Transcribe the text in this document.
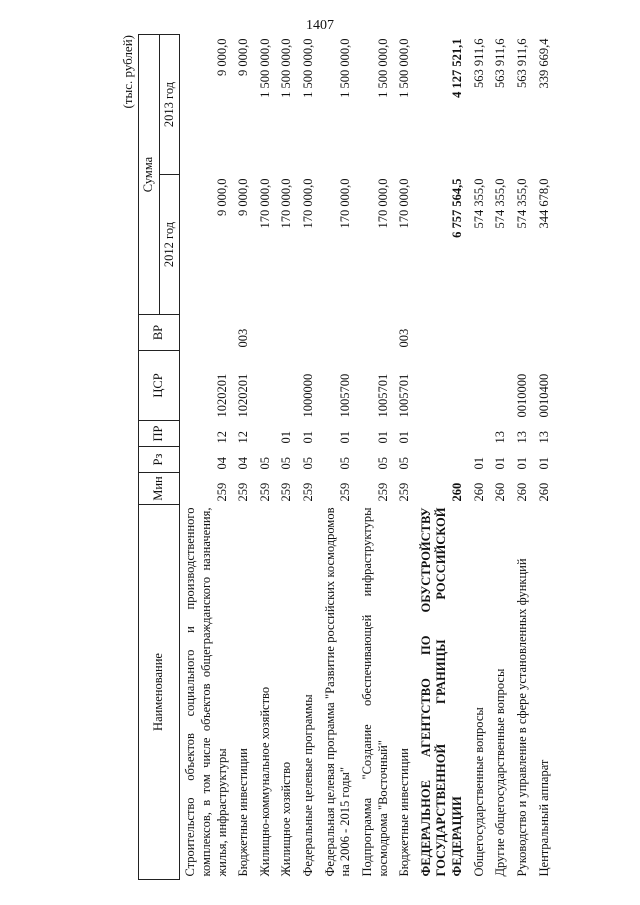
1407
(тыс. рублей)
Наименование	Мин	Рз	ПР	ЦСР	ВР	Сумма	
						2012 год	2013 год
Строительство объектов социального и производственного комплексов, в том числе объектов общегражданского назначения, жилья, инфраструктуры	259	04	12	1020201		9 000,0	9 000,0
Бюджетные инвестиции	259	04	12	1020201	003	9 000,0	9 000,0
Жилищно-коммунальное хозяйство	259	05				170 000,0	1 500 000,0
Жилищное хозяйство	259	05	01			170 000,0	1 500 000,0
Федеральные целевые программы	259	05	01	1000000		170 000,0	1 500 000,0
Федеральная целевая программа "Развитие российских космодромов на 2006 - 2015 годы"	259	05	01	1005700		170 000,0	1 500 000,0
Подпрограмма "Создание обеспечивающей инфраструктуры космодрома "Восточный"	259	05	01	1005701		170 000,0	1 500 000,0
Бюджетные инвестиции	259	05	01	1005701	003	170 000,0	1 500 000,0
ФЕДЕРАЛЬНОЕ АГЕНТСТВО ПО ОБУСТРОЙСТВУ ГОСУДАРСТВЕННОЙ ГРАНИЦЫ РОССИЙСКОЙ ФЕДЕРАЦИИ	260					6 757 564,5	4 127 521,1
Общегосударственные вопросы	260	01				574 355,0	563 911,6
Другие общегосударственные вопросы	260	01	13			574 355,0	563 911,6
Руководство и управление в сфере установленных функций	260	01	13	0010000		574 355,0	563 911,6
Центральный аппарат	260	01	13	0010400		344 678,0	339 669,4
